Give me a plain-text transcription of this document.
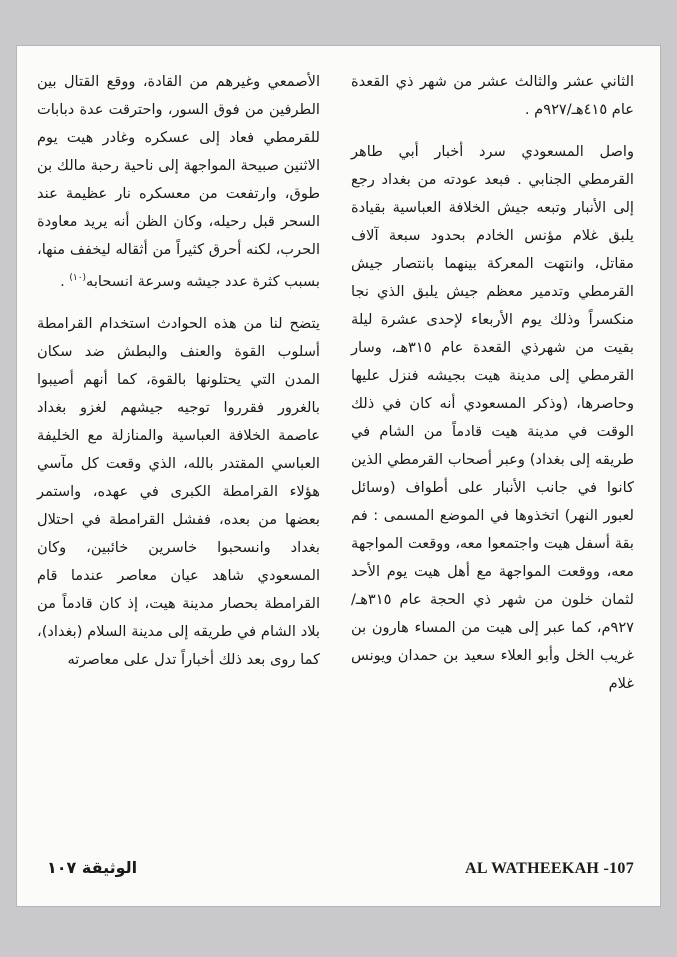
الثاني عشر والثالث عشر من شهر ذي القعدة عام ٤١٥هـ/٩٢٧م .

واصل المسعودي سرد أخبار أبي طاهر القرمطي الجنابي . فبعد عودته من بغداد رجع إلى الأنبار وتبعه جيش الخلافة العباسية بقيادة يلبق غلام مؤنس الخادم بحدود سبعة آلاف مقاتل، وانتهت المعركة بينهما بانتصار جيش القرمطي وتدمير معظم جيش يلبق الذي نجا منكسراً وذلك يوم الأربعاء لإحدى عشرة ليلة بقيت من شهرذي القعدة عام ٣١٥هـ، وسار القرمطي إلى مدينة هيت بجيشه فنزل عليها وحاصرها، (وذكر المسعودي أنه كان في ذلك الوقت في مدينة هيت قادماً من الشام في طريقه إلى بغداد) وعبر أصحاب القرمطي الذين كانوا في جانب الأنبار على أطواف (وسائل لعبور النهر) اتخذوها في الموضع المسمى : فم بقة أسفل هيت واجتمعوا معه، ووقعت المواجهة معه، ووقعت المواجهة مع أهل هيت يوم الأحد لثمان خلون من شهر ذي الحجة عام ٣١٥هـ/٩٢٧م، كما عبر إلى هيت من المساء هارون بن غريب الخل وأبو العلاء سعيد بن حمدان ويونس غلام

الأصمعي وغيرهم من القادة، ووقع القتال بين الطرفين من فوق السور، واحترقت عدة دبابات للقرمطي فعاد إلى عسكره وغادر هيت يوم الاثنين صبيحة المواجهة إلى ناحية رحبة مالك بن طوق، وارتفعت من معسكره نار عظيمة عند السحر قبل رحيله، وكان الظن أنه يريد معاودة الحرب، لكنه أحرق كثيراً من أثقاله ليخفف منها، بسبب كثرة عدد جيشه وسرعة انسحابه$^{(١٠)}$ .

يتضح لنا من هذه الحوادث استخدام القرامطة أسلوب القوة والعنف والبطش ضد سكان المدن التي يحتلونها بالقوة، كما أنهم أصيبوا بالغرور فقرروا توجيه جيشهم لغزو بغداد عاصمة الخلافة العباسية والمنازلة مع الخليفة العباسي المقتدر بالله، الذي وقعت كل مآسي هؤلاء القرامطة الكبرى في عهده، واستمر بعضها من بعده، ففشل القرامطة في احتلال بغداد وانسحبوا خاسرين خائبين، وكان المسعودي شاهد عيان معاصر عندما قام القرامطة بحصار مدينة هيت، إذ كان قادماً من بلاد الشام في طريقه إلى مدينة السلام (بغداد)، كما روى بعد ذلك أخباراً تدل على معاصرته

الوثيقة ١٠٧	AL WATHEEKAH -107
